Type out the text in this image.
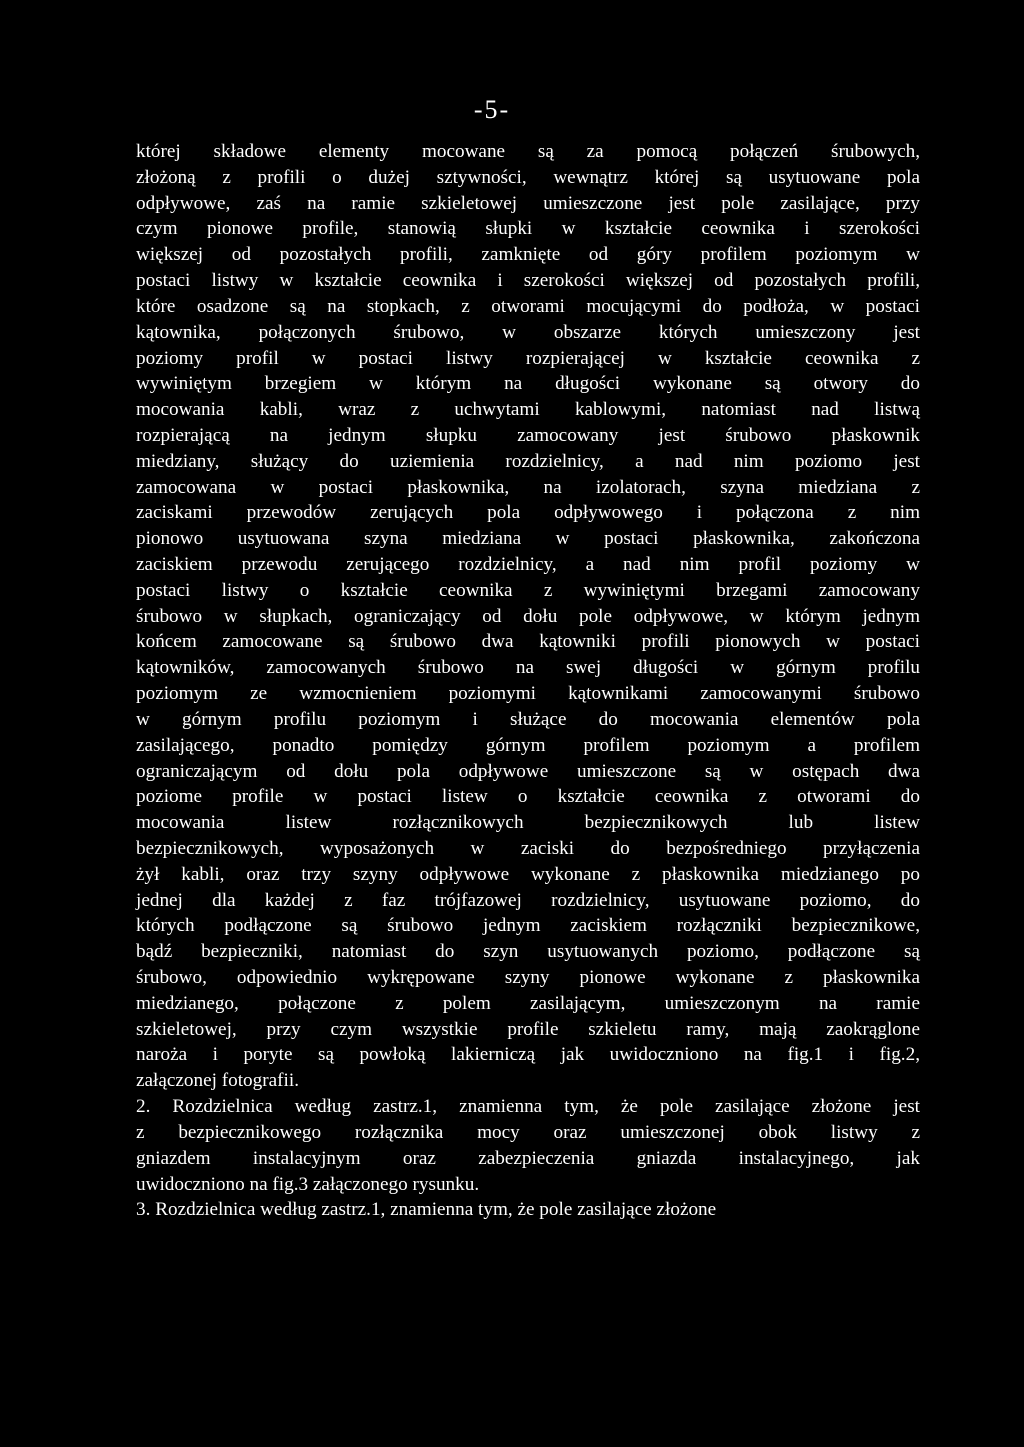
-5-
której składowe elementy mocowane są za pomocą połączeń śrubowych,
złożoną z profili o dużej sztywności, wewnątrz której są usytuowane pola
odpływowe, zaś na ramie szkieletowej umieszczone jest pole zasilające, przy
czym pionowe profile, stanowią słupki w kształcie ceownika i szerokości
większej od pozostałych profili, zamknięte od góry profilem poziomym w
postaci listwy w kształcie ceownika i szerokości większej od pozostałych profili,
które osadzone są na stopkach, z otworami mocującymi do podłoża, w postaci
kątownika, połączonych śrubowo, w obszarze których umieszczony jest
poziomy profil w postaci listwy rozpierającej w kształcie ceownika z
wywiniętym brzegiem w którym na długości wykonane są otwory do
mocowania kabli, wraz z uchwytami kablowymi, natomiast nad listwą
rozpierającą na jednym słupku zamocowany jest śrubowo płaskownik
miedziany, służący do uziemienia rozdzielnicy, a nad nim poziomo jest
zamocowana w postaci płaskownika, na izolatorach, szyna miedziana z
zaciskami przewodów zerujących pola odpływowego i połączona z nim
pionowo usytuowana szyna miedziana w postaci płaskownika, zakończona
zaciskiem przewodu zerującego rozdzielnicy, a nad nim profil poziomy w
postaci listwy o kształcie ceownika z wywiniętymi brzegami zamocowany
śrubowo w słupkach, ograniczający od dołu pole odpływowe, w którym jednym
końcem zamocowane są śrubowo dwa kątowniki profili pionowych w postaci
kątowników, zamocowanych śrubowo na swej długości w górnym profilu
poziomym ze wzmocnieniem poziomymi kątownikami zamocowanymi śrubowo
w górnym profilu poziomym i służące do mocowania elementów pola
zasilającego, ponadto pomiędzy górnym profilem poziomym a profilem
ograniczającym od dołu pola odpływowe umieszczone są w ostępach dwa
poziome profile w postaci listew o kształcie ceownika z otworami do
mocowania listew rozłącznikowych bezpiecznikowych lub listew
bezpiecznikowych, wyposażonych w zaciski do bezpośredniego przyłączenia
żył kabli, oraz trzy szyny odpływowe wykonane z płaskownika miedzianego po
jednej dla każdej z faz trójfazowej rozdzielnicy, usytuowane poziomo, do
których podłączone są śrubowo jednym zaciskiem rozłączniki bezpiecznikowe,
bądź bezpieczniki, natomiast do szyn usytuowanych poziomo, podłączone są
śrubowo, odpowiednio wykrępowane szyny pionowe wykonane z płaskownika
miedzianego, połączone z polem zasilającym, umieszczonym na ramie
szkieletowej, przy czym wszystkie profile szkieletu ramy, mają zaokrąglone
naroża i poryte są powłoką lakierniczą jak uwidoczniono na fig.1 i fig.2,
załączonej fotografii.
2. Rozdzielnica według zastrz.1, znamienna tym, że pole zasilające złożone jest
z bezpiecznikowego rozłącznika mocy oraz umieszczonej obok listwy z
gniazdem instalacyjnym oraz zabezpieczenia gniazda instalacyjnego, jak
uwidoczniono na fig.3 załączonego rysunku.
3. Rozdzielnica według zastrz.1, znamienna tym, że pole zasilające złożone
